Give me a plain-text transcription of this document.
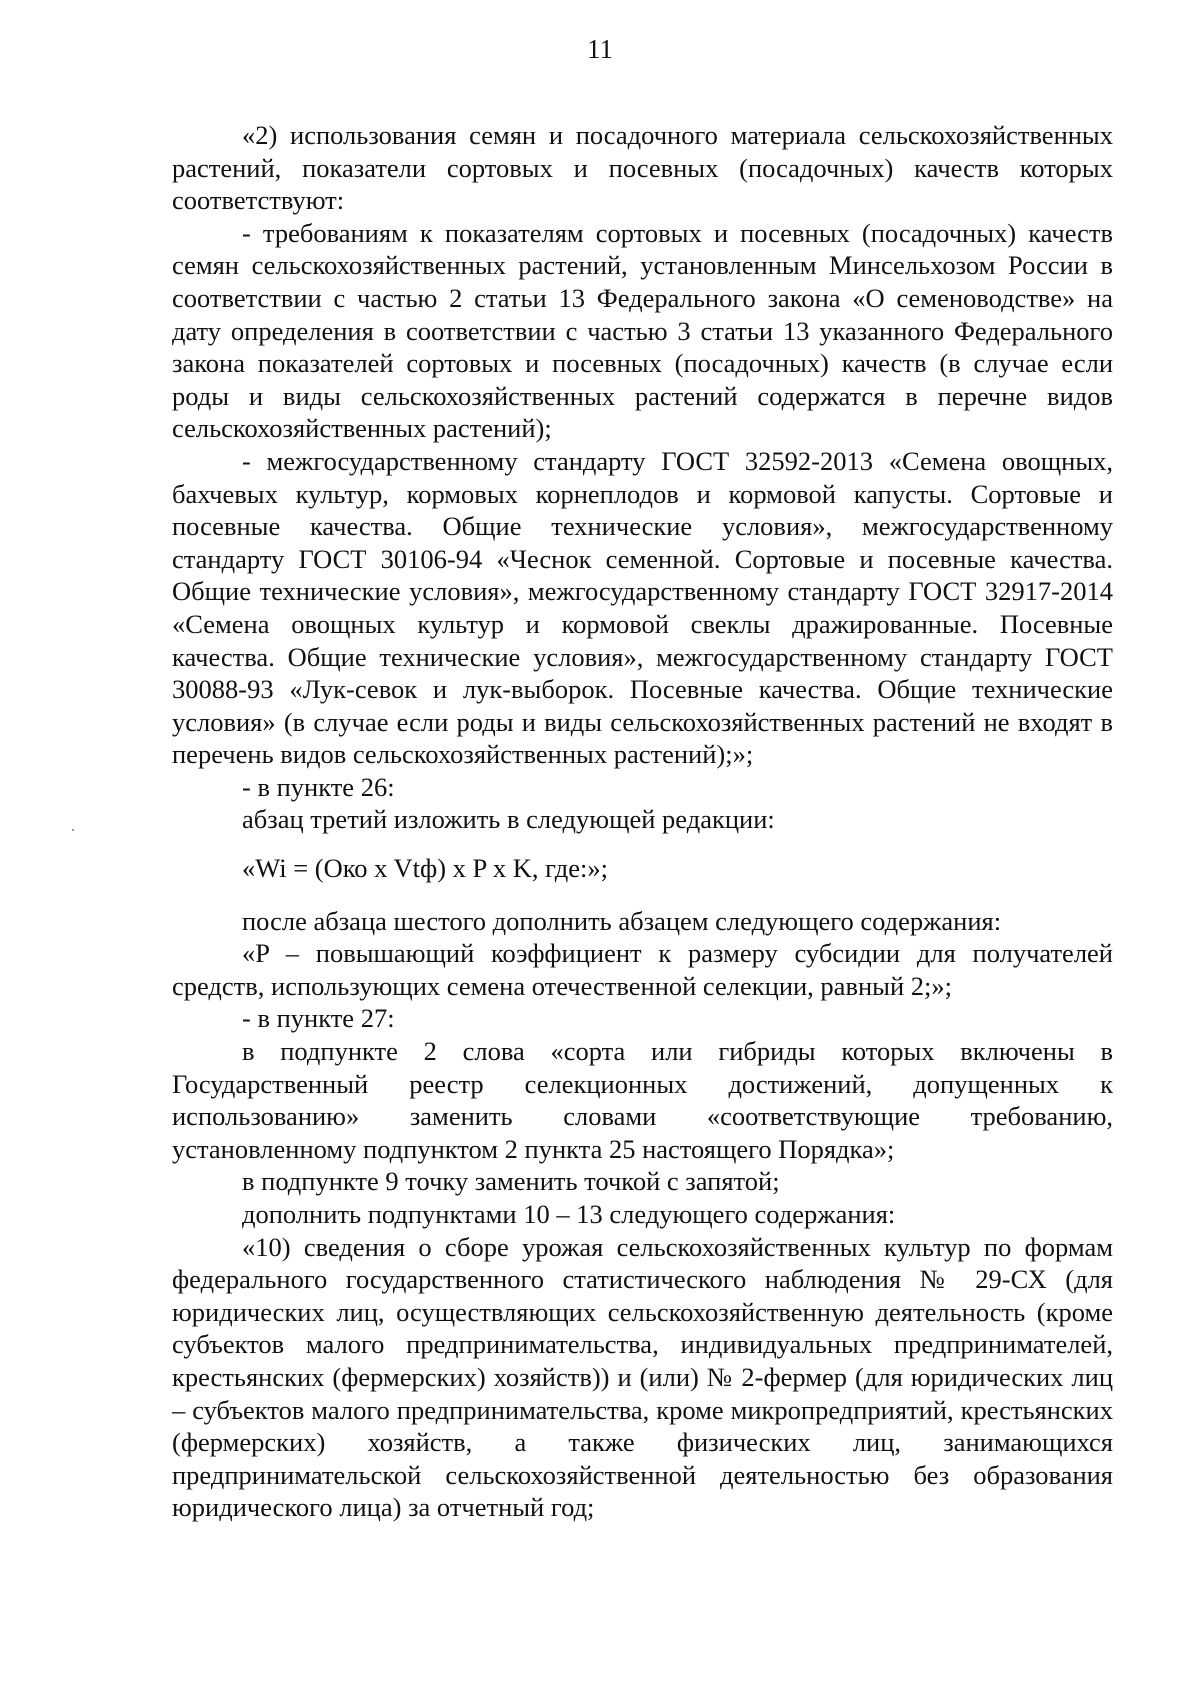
11

«2) использования семян и посадочного материала сельскохозяйственных растений, показатели сортовых и посевных (посадочных) качеств которых соответствуют:

- требованиям к показателям сортовых и посевных (посадочных) качеств семян сельскохозяйственных растений, установленным Минсельхозом России в соответствии с частью 2 статьи 13 Федерального закона «О семеноводстве» на дату определения в соответствии с частью 3 статьи 13 указанного Федерального закона показателей сортовых и посевных (посадочных) качеств (в случае если роды и виды сельскохозяйственных растений содержатся в перечне видов сельскохозяйственных растений);

- межгосударственному стандарту ГОСТ 32592-2013 «Семена овощных, бахчевых культур, кормовых корнеплодов и кормовой капусты. Сортовые и посевные качества. Общие технические условия», межгосударственному стандарту ГОСТ 30106-94 «Чеснок семенной. Сортовые и посевные качества. Общие технические условия», межгосударственному стандарту ГОСТ 32917-2014 «Семена овощных культур и кормовой свеклы дражированные. Посевные качества. Общие технические условия», межгосударственному стандарту ГОСТ 30088-93 «Лук-севок и лук-выборок. Посевные качества. Общие технические условия» (в случае если роды и виды сельскохозяйственных растений не входят в перечень видов сельскохозяйственных растений);»;

- в пункте 26:

абзац третий изложить в следующей редакции:

«Wi = (Око x Vtф) x P x K, где:»;

после абзаца шестого дополнить абзацем следующего содержания:

«P – повышающий коэффициент к размеру субсидии для получателей средств, использующих семена отечественной селекции, равный 2;»;

- в пункте 27:

в подпункте 2 слова «сорта или гибриды которых включены в Государственный реестр селекционных достижений, допущенных к использованию» заменить словами «соответствующие требованию, установленному подпунктом 2 пункта 25 настоящего Порядка»;

в подпункте 9 точку заменить точкой с запятой;

дополнить подпунктами 10 – 13 следующего содержания:

«10) сведения о сборе урожая сельскохозяйственных культур по формам федерального государственного статистического наблюдения № 29-СХ (для юридических лиц, осуществляющих сельскохозяйственную деятельность (кроме субъектов малого предпринимательства, индивидуальных предпринимателей, крестьянских (фермерских) хозяйств)) и (или) № 2-фермер (для юридических лиц – субъектов малого предпринимательства, кроме микропредприятий, крестьянских (фермерских) хозяйств, а также физических лиц, занимающихся предпринимательской сельскохозяйственной деятельностью без образования юридического лица) за отчетный год;
